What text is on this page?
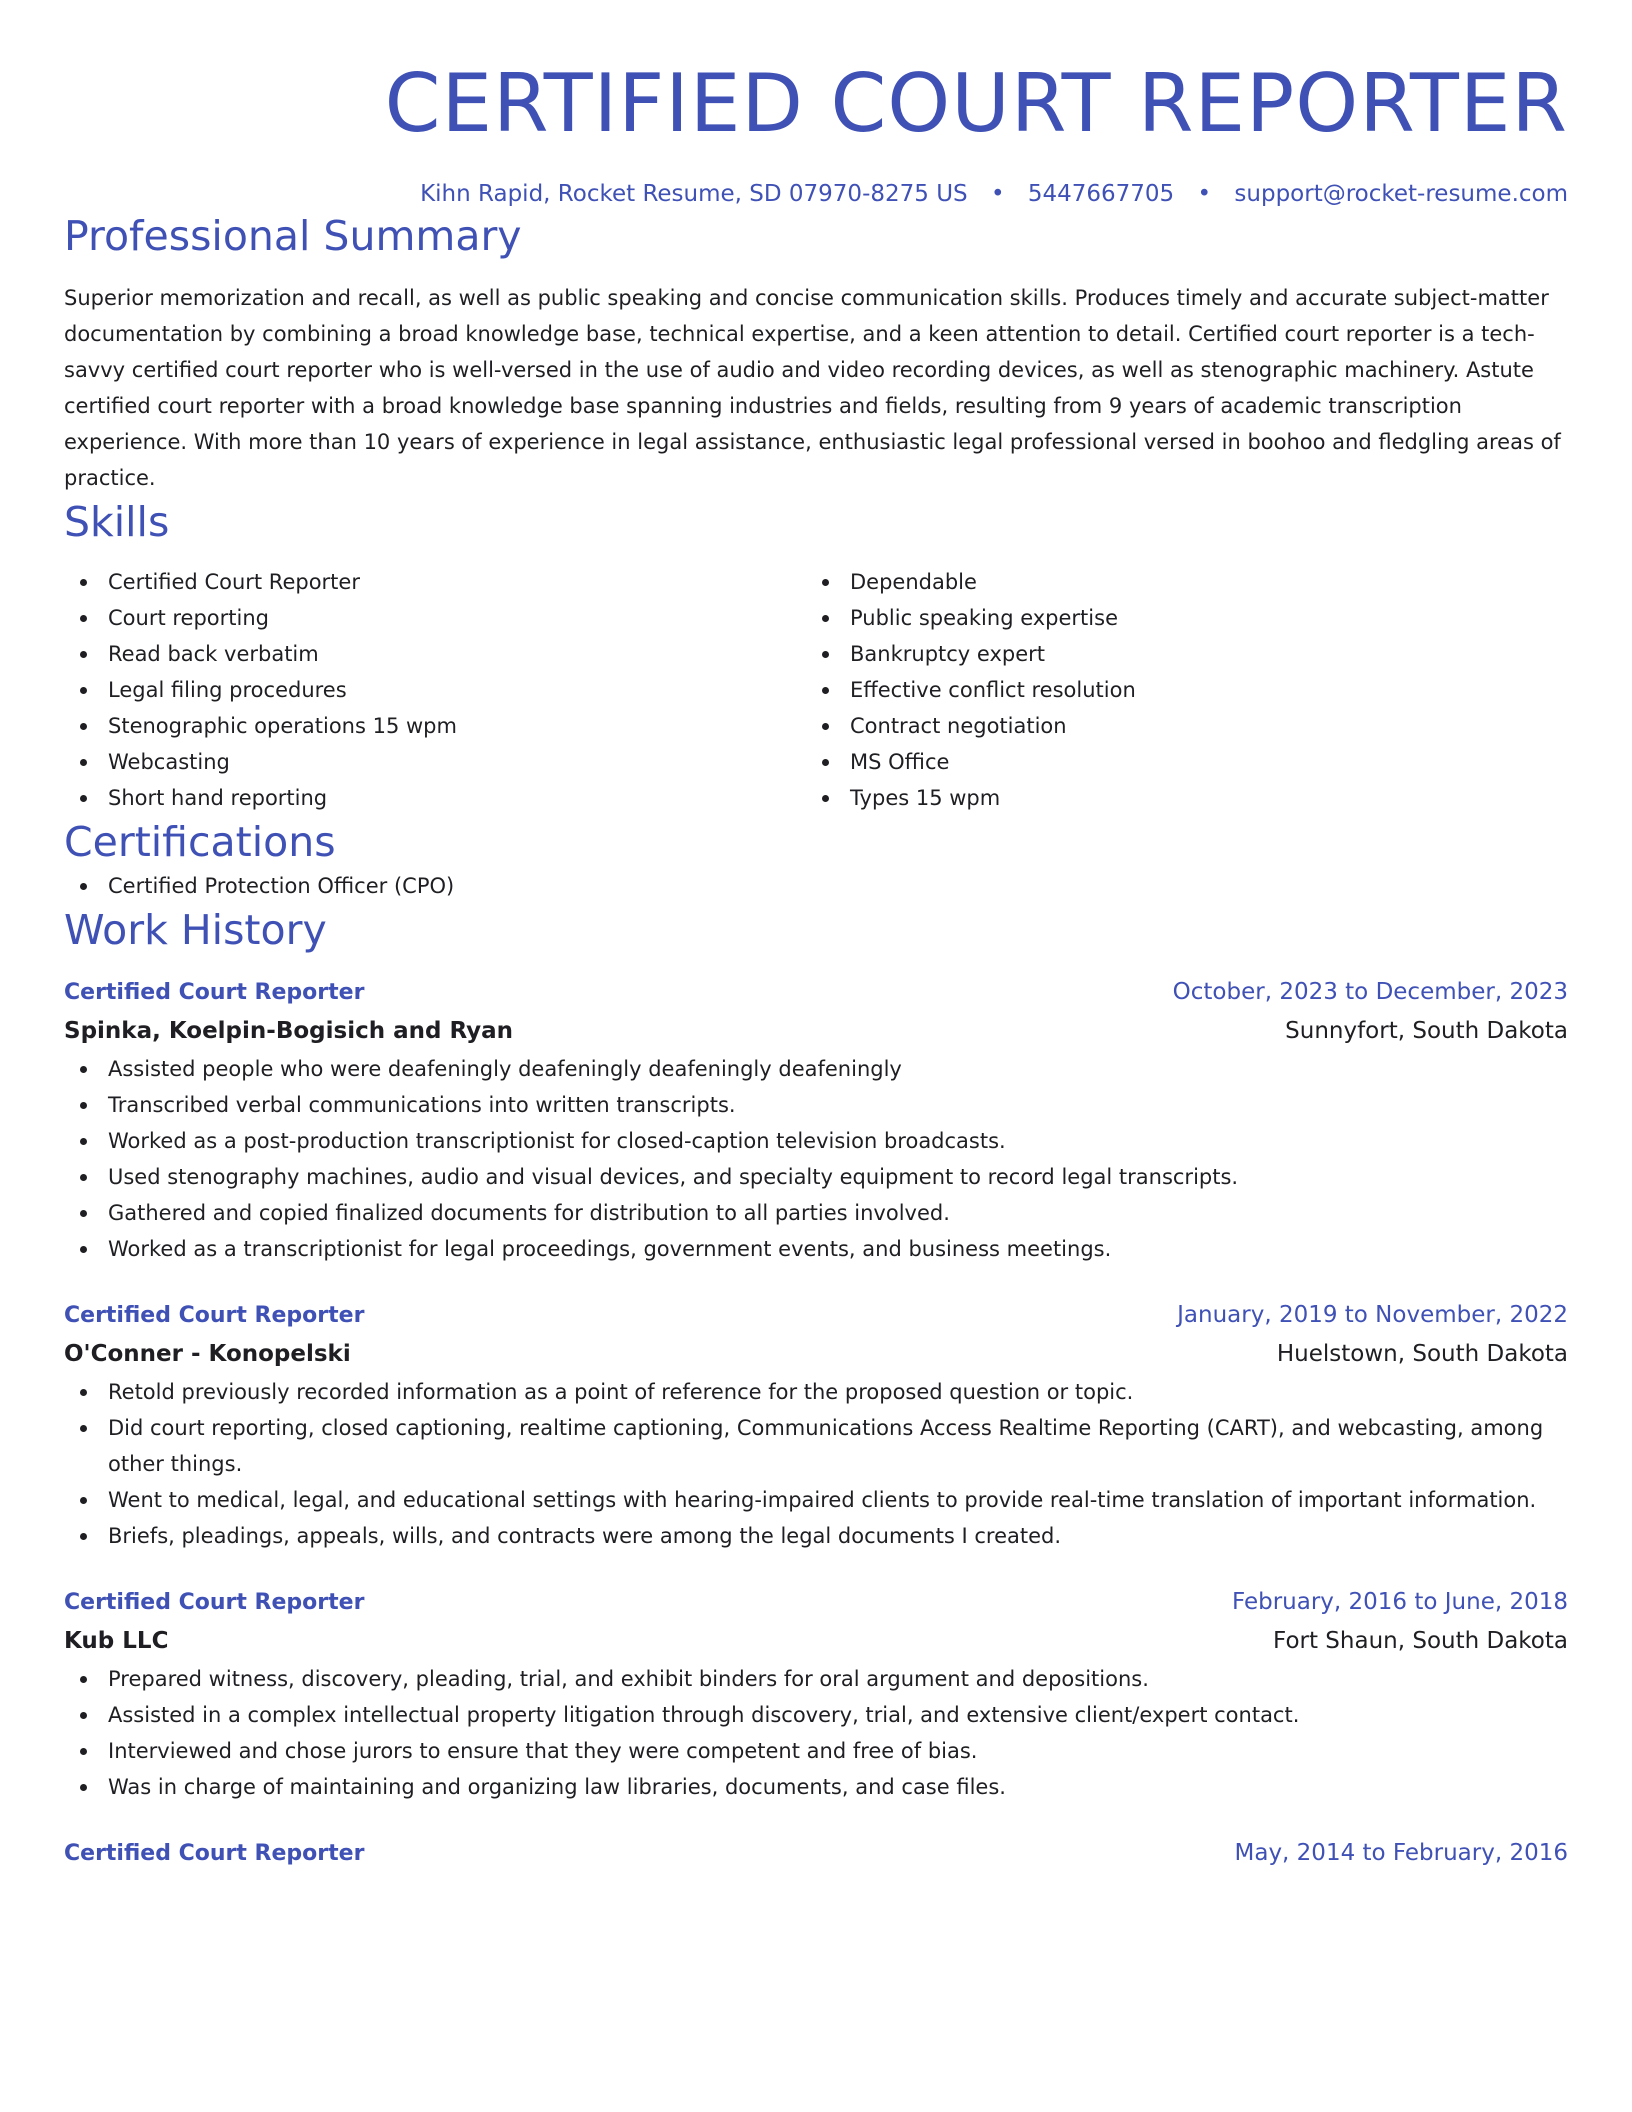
CERTIFIED COURT REPORTER
Kihn Rapid, Rocket Resume, SD 07970-8275 US • 5447667705 • support@rocket-resume.com
Professional Summary

Superior memorization and recall, as well as public speaking and concise communication skills. Produces timely and accurate subject-matter documentation by combining a broad knowledge base, technical expertise, and a keen attention to detail. Certified court reporter is a tech-savvy certified court reporter who is well-versed in the use of audio and video recording devices, as well as stenographic machinery. Astute certified court reporter with a broad knowledge base spanning industries and fields, resulting from 9 years of academic transcription experience. With more than 10 years of experience in legal assistance, enthusiastic legal professional versed in boohoo and fledgling areas of practice.

Skills
Certified Court Reporter
Court reporting
Read back verbatim
Legal filing procedures
Stenographic operations 15 wpm
Webcasting
Short hand reporting
Dependable
Public speaking expertise
Bankruptcy expert
Effective conflict resolution
Contract negotiation
MS Office
Types 15 wpm
Certifications
Certified Protection Officer (CPO)
Work History
Certified Court Reporter	October, 2023 to December, 2023
Spinka, Koelpin-Bogisich and Ryan	Sunnyfort, South Dakota
Assisted people who were deafeningly deafeningly deafeningly deafeningly
Transcribed verbal communications into written transcripts.
Worked as a post-production transcriptionist for closed-caption television broadcasts.
Used stenography machines, audio and visual devices, and specialty equipment to record legal transcripts.
Gathered and copied finalized documents for distribution to all parties involved.
Worked as a transcriptionist for legal proceedings, government events, and business meetings.
Certified Court Reporter	January, 2019 to November, 2022
O'Conner - Konopelski	Huelstown, South Dakota
Retold previously recorded information as a point of reference for the proposed question or topic.
Did court reporting, closed captioning, realtime captioning, Communications Access Realtime Reporting (CART), and webcasting, among other things.
Went to medical, legal, and educational settings with hearing-impaired clients to provide real-time translation of important information.
Briefs, pleadings, appeals, wills, and contracts were among the legal documents I created.
Certified Court Reporter	February, 2016 to June, 2018
Kub LLC	Fort Shaun, South Dakota
Prepared witness, discovery, pleading, trial, and exhibit binders for oral argument and depositions.
Assisted in a complex intellectual property litigation through discovery, trial, and extensive client/expert contact.
Interviewed and chose jurors to ensure that they were competent and free of bias.
Was in charge of maintaining and organizing law libraries, documents, and case files.
Certified Court Reporter	May, 2014 to February, 2016
